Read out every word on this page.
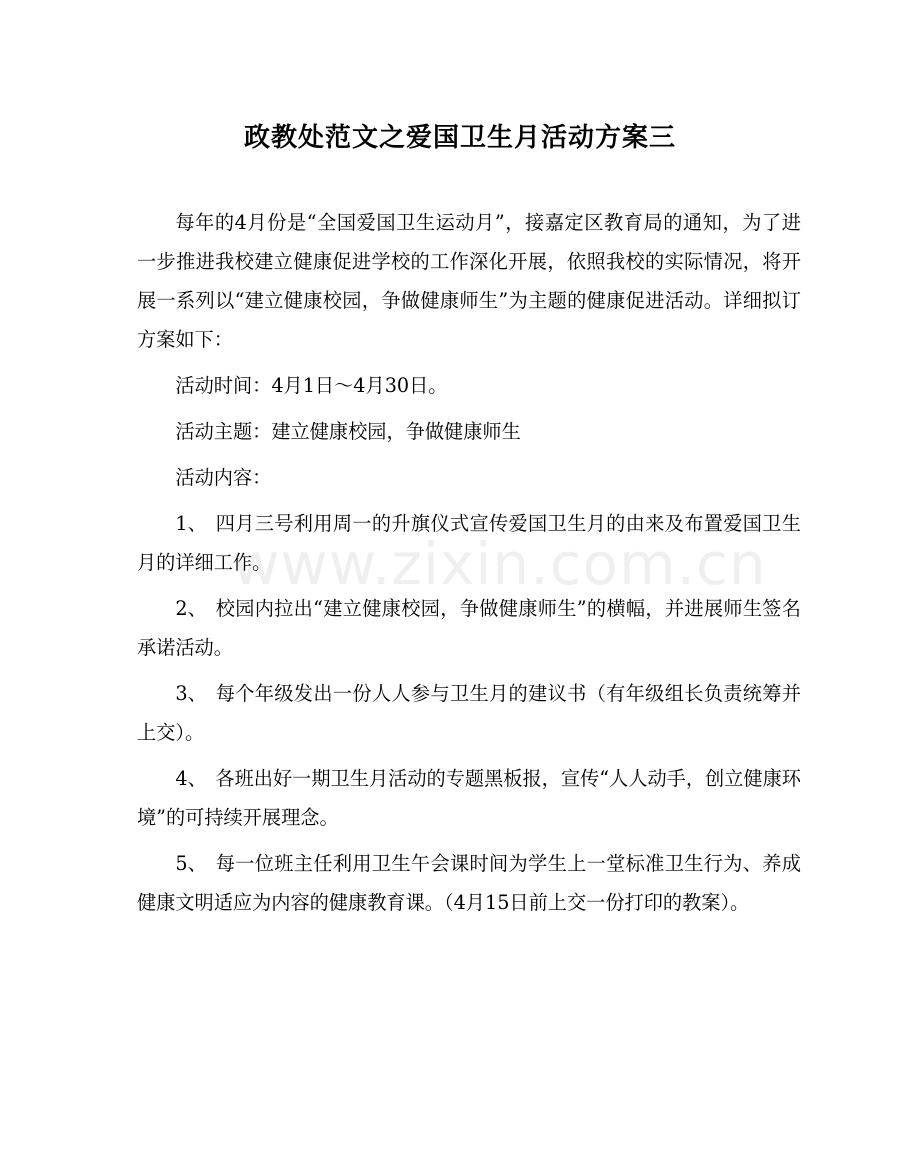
政教处范文之爱国卫生月活动方案三
www.zixin.com.cn

每年的4月份是“全国爱国卫生运动月”，接嘉定区教育局的通知，为了进一步推进我校建立健康促进学校的工作深化开展，依照我校的实际情况，将开展一系列以“建立健康校园，争做健康师生”为主题的健康促进活动。详细拟订方案如下：

活动时间：4月1日～4月30日。

活动主题：建立健康校园，争做健康师生

活动内容：

1、 四月三号利用周一的升旗仪式宣传爱国卫生月的由来及布置爱国卫生月的详细工作。

2、 校园内拉出“建立健康校园，争做健康师生”的横幅，并进展师生签名承诺活动。

3、 每个年级发出一份人人参与卫生月的建议书（有年级组长负责统筹并上交）。

4、 各班出好一期卫生月活动的专题黑板报，宣传“人人动手，创立健康环境”的可持续开展理念。

5、 每一位班主任利用卫生午会课时间为学生上一堂标准卫生行为、养成健康文明适应为内容的健康教育课。（4月15日前上交一份打印的教案）。
